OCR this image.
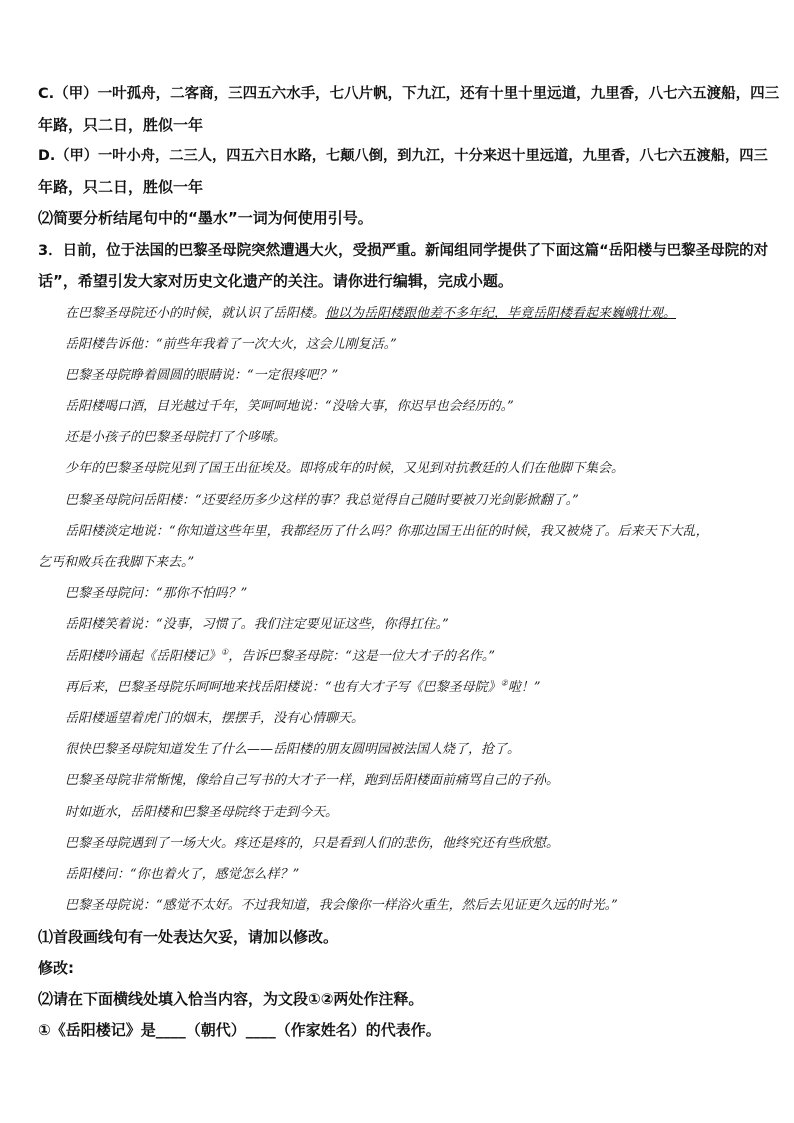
C.（甲）一叶孤舟，二客商，三四五六水手，七八片帆，下九江，还有十里十里远道，九里香，八七六五渡船，四三
年路，只二日，胜似一年
D.（甲）一叶小舟，二三人，四五六日水路，七颠八倒，到九江，十分来迟十里远道，九里香，八七六五渡船，四三
年路，只二日，胜似一年
⑵简要分析结尾句中的“墨水”一词为何使用引号。
3．日前，位于法国的巴黎圣母院突然遭遇大火，受损严重。新闻组同学提供了下面这篇“岳阳楼与巴黎圣母院的对
话”，希望引发大家对历史文化遗产的关注。请你进行编辑，完成小题。
在巴黎圣母院还小的时候，就认识了岳阳楼。他以为岳阳楼跟他差不多年纪，毕竟岳阳楼看起来巍峨壮观。
岳阳楼告诉他：“前些年我着了一次大火，这会儿刚复活。”
巴黎圣母院睁着圆圆的眼睛说：“一定很疼吧？”
岳阳楼喝口酒，目光越过千年，笑呵呵地说：“没啥大事，你迟早也会经历的。”
还是小孩子的巴黎圣母院打了个哆嗦。
少年的巴黎圣母院见到了国王出征埃及。即将成年的时候，又见到对抗教廷的人们在他脚下集会。
巴黎圣母院问岳阳楼：“还要经历多少这样的事？我总觉得自己随时要被刀光剑影掀翻了。”
岳阳楼淡定地说：“你知道这些年里，我都经历了什么吗？你那边国王出征的时候，我又被烧了。后来天下大乱，
乞丐和败兵在我脚下来去。”
巴黎圣母院问：“那你不怕吗？”
岳阳楼笑着说：“没事，习惯了。我们注定要见证这些，你得扛住。”
岳阳楼吟诵起《岳阳楼记》①，告诉巴黎圣母院：“这是一位大才子的名作。”
再后来，巴黎圣母院乐呵呵地来找岳阳楼说：“也有大才子写《巴黎圣母院》②啦！”
岳阳楼遥望着虎门的烟末，摆摆手，没有心情聊天。
很快巴黎圣母院知道发生了什么——岳阳楼的朋友圆明园被法国人烧了，抢了。
巴黎圣母院非常惭愧，像给自己写书的大才子一样，跑到岳阳楼面前痛骂自己的子孙。
时如逝水，岳阳楼和巴黎圣母院终于走到今天。
巴黎圣母院遇到了一场大火。疼还是疼的，只是看到人们的悲伤，他终究还有些欣慰。
岳阳楼问：“你也着火了，感觉怎么样？”
巴黎圣母院说：“感觉不太好。不过我知道，我会像你一样浴火重生，然后去见证更久远的时光。”
⑴首段画线句有一处表达欠妥，请加以修改。
修改:
⑵请在下面横线处填入恰当内容，为文段①②两处作注释。
①《岳阳楼记》是____（朝代）____（作家姓名）的代表作。
